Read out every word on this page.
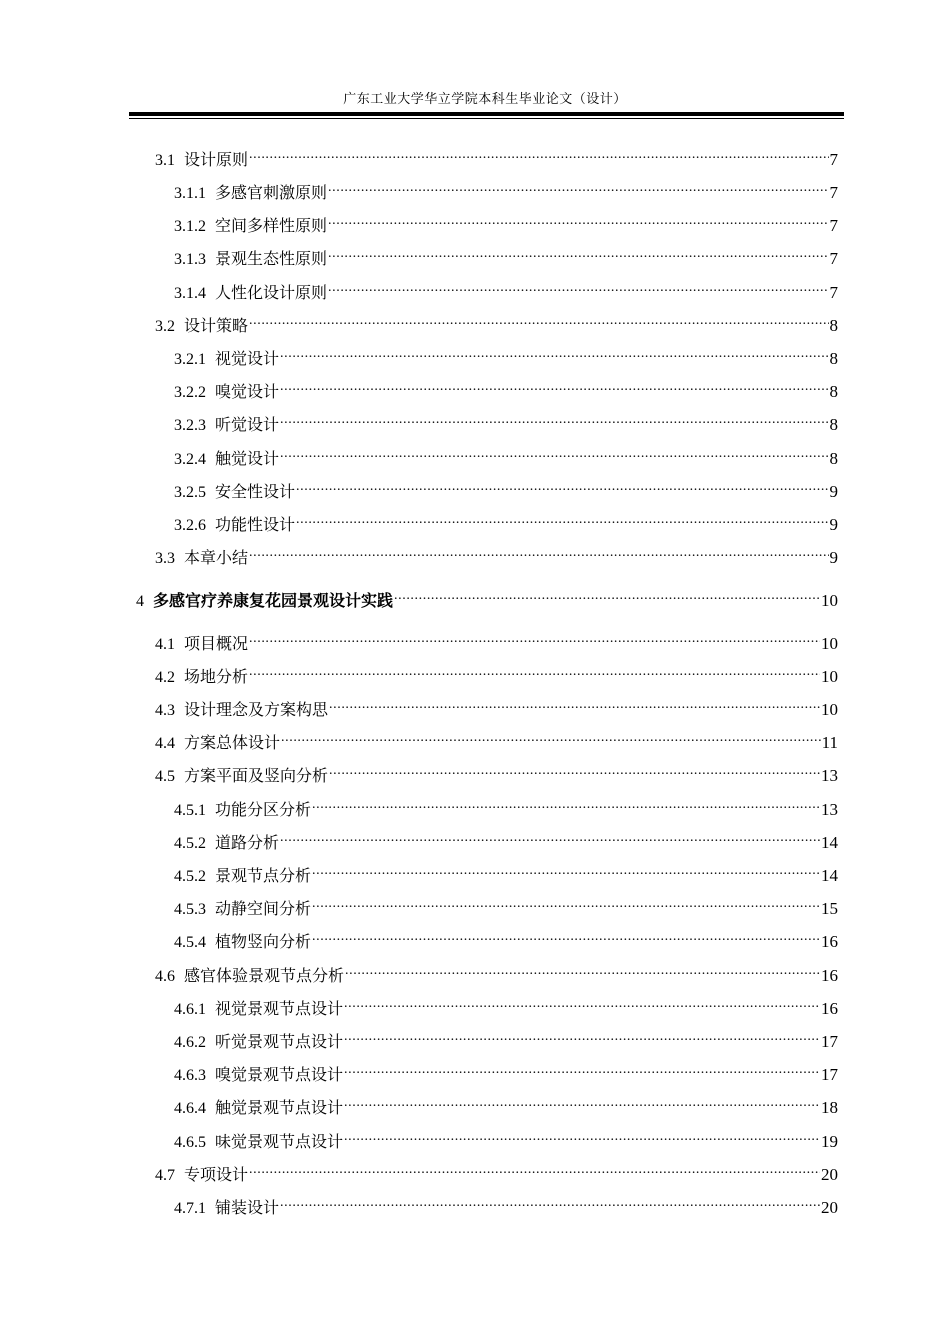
广东工业大学华立学院本科生毕业论文（设计）
3.1 设计原则 .....	7
3.1.1 多感官刺激原则 .....	7
3.1.2 空间多样性原则 .....	7
3.1.3 景观生态性原则 .....	7
3.1.4 人性化设计原则 .....	7
3.2 设计策略 .....	8
3.2.1 视觉设计 .....	8
3.2.2 嗅觉设计 .....	8
3.2.3 听觉设计 .....	8
3.2.4 触觉设计 .....	8
3.2.5 安全性设计 .....	9
3.2.6 功能性设计 .....	9
3.3 本章小结 .....	9
4 多感官疗养康复花园景观设计实践 .....	10
4.1 项目概况 .....	10
4.2 场地分析 .....	10
4.3 设计理念及方案构思 .....	10
4.4 方案总体设计 .....	11
4.5 方案平面及竖向分析 .....	13
4.5.1 功能分区分析 .....	13
4.5.2 道路分析 .....	14
4.5.2 景观节点分析 .....	14
4.5.3 动静空间分析 .....	15
4.5.4 植物竖向分析 .....	16
4.6 感官体验景观节点分析 .....	16
4.6.1 视觉景观节点设计 .....	16
4.6.2 听觉景观节点设计 .....	17
4.6.3 嗅觉景观节点设计 .....	17
4.6.4 触觉景观节点设计 .....	18
4.6.5 味觉景观节点设计 .....	19
4.7 专项设计 .....	20
4.7.1 铺装设计 .....	20
